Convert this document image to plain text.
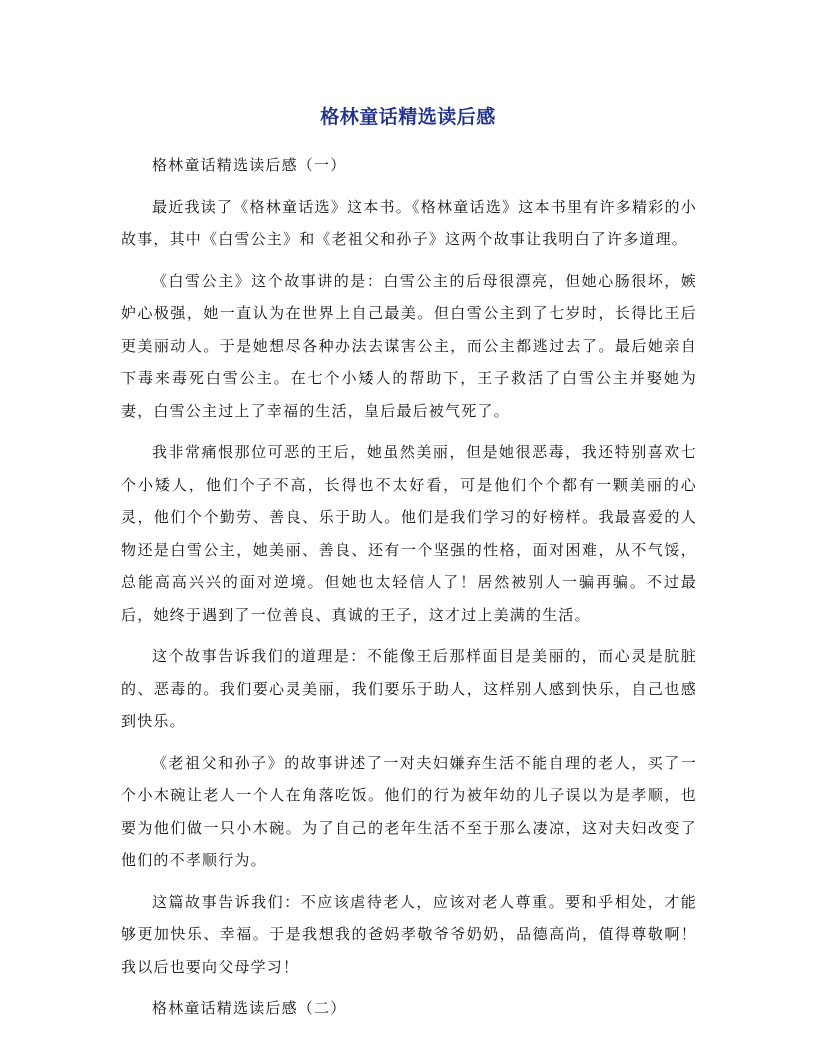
格林童话精选读后感

格林童话精选读后感（一）

最近我读了《格林童话选》这本书。《格林童话选》这本书里有许多精彩的小故事，其中《白雪公主》和《老祖父和孙子》这两个故事让我明白了许多道理。

《白雪公主》这个故事讲的是：白雪公主的后母很漂亮，但她心肠很坏，嫉妒心极强，她一直认为在世界上自己最美。但白雪公主到了七岁时，长得比王后更美丽动人。于是她想尽各种办法去谋害公主，而公主都逃过去了。最后她亲自下毒来毒死白雪公主。在七个小矮人的帮助下，王子救活了白雪公主并娶她为妻，白雪公主过上了幸福的生活，皇后最后被气死了。

我非常痛恨那位可恶的王后，她虽然美丽，但是她很恶毒，我还特别喜欢七个小矮人，他们个子不高，长得也不太好看，可是他们个个都有一颗美丽的心灵，他们个个勤劳、善良、乐于助人。他们是我们学习的好榜样。我最喜爱的人物还是白雪公主，她美丽、善良、还有一个坚强的性格，面对困难，从不气馁，总能高高兴兴的面对逆境。但她也太轻信人了！居然被别人一骗再骗。不过最后，她终于遇到了一位善良、真诚的王子，这才过上美满的生活。

这个故事告诉我们的道理是：不能像王后那样面目是美丽的，而心灵是肮脏的、恶毒的。我们要心灵美丽，我们要乐于助人，这样别人感到快乐，自己也感到快乐。

《老祖父和孙子》的故事讲述了一对夫妇嫌弃生活不能自理的老人，买了一个小木碗让老人一个人在角落吃饭。他们的行为被年幼的儿子误以为是孝顺，也要为他们做一只小木碗。为了自己的老年生活不至于那么凄凉，这对夫妇改变了他们的不孝顺行为。

这篇故事告诉我们：不应该虐待老人，应该对老人尊重。要和乎相处，才能够更加快乐、幸福。于是我想我的爸妈孝敬爷爷奶奶，品德高尚，值得尊敬啊！我以后也要向父母学习！

格林童话精选读后感（二）
